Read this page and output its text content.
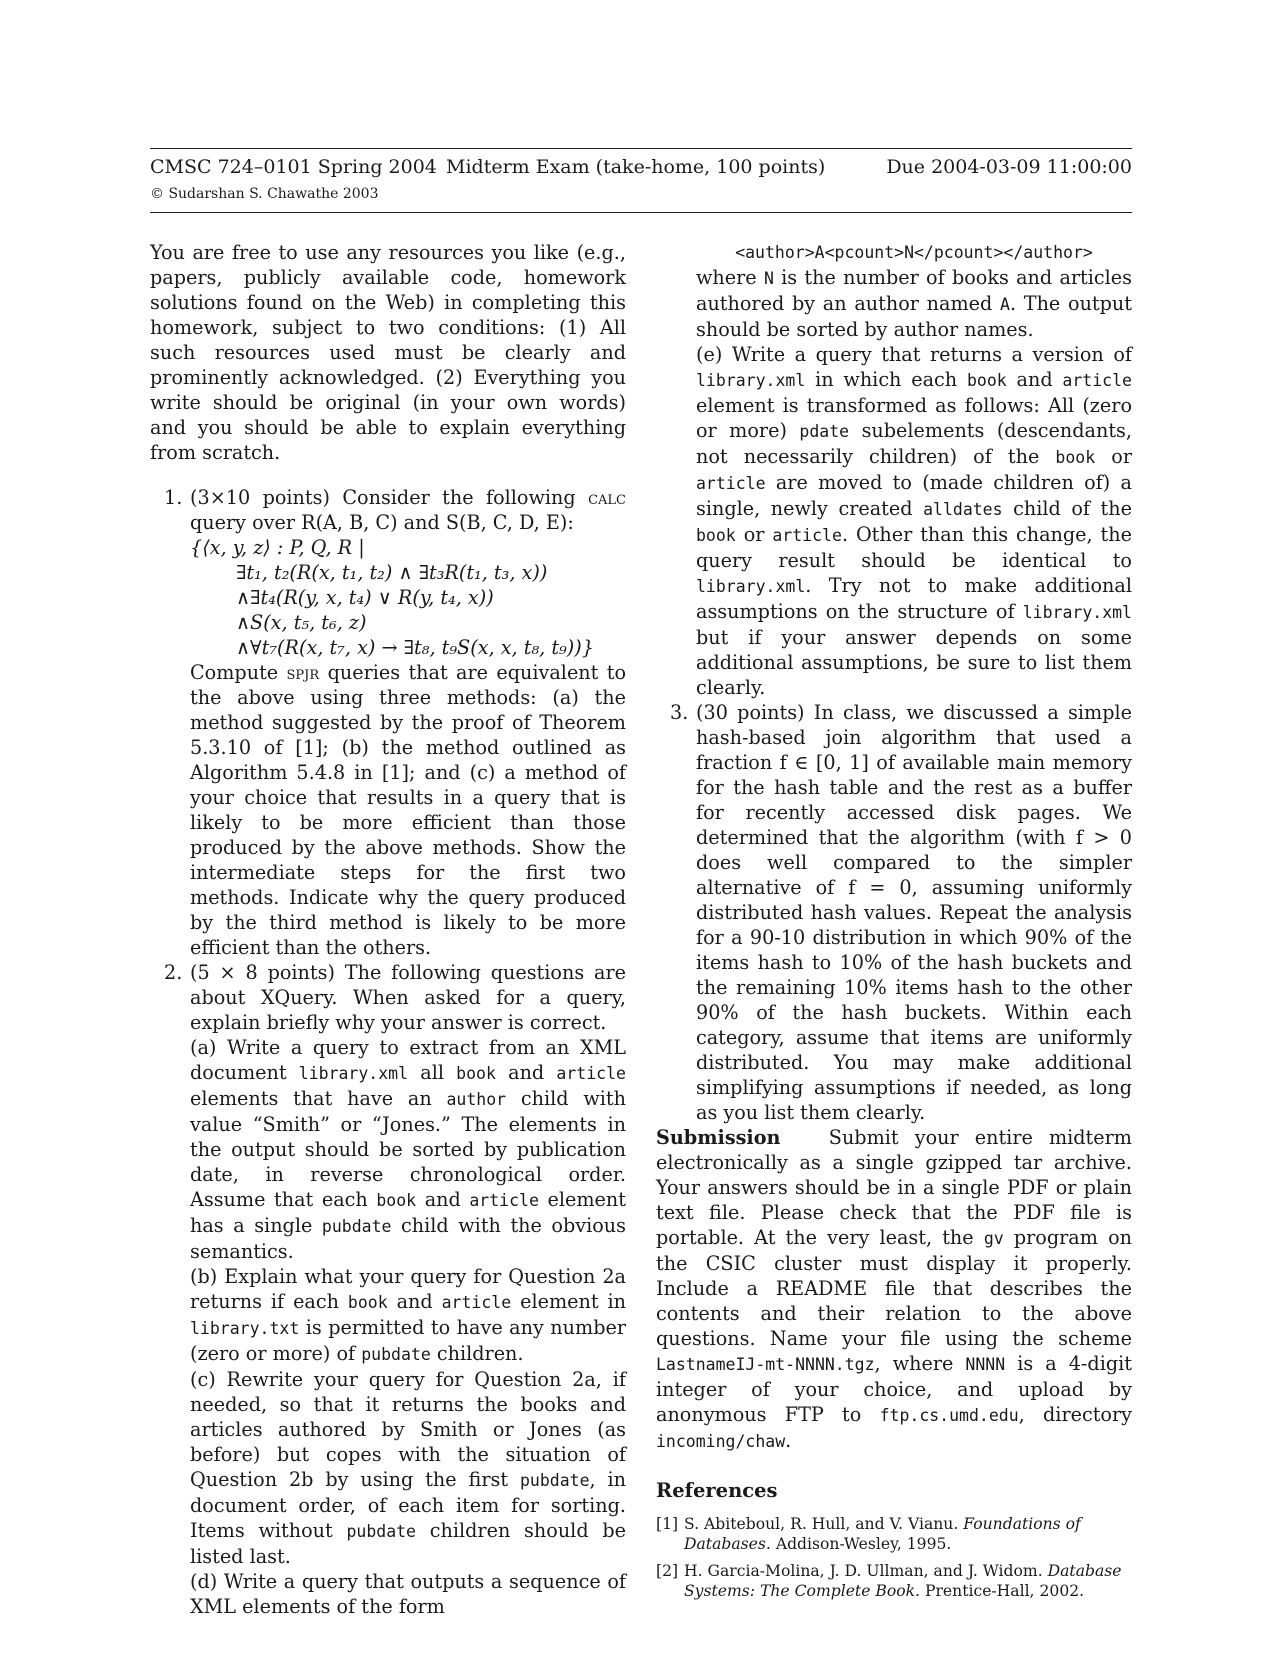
CMSC 724–0101 Spring 2004 Midterm Exam (take-home, 100 points)	Due 2004-03-09 11:00:00
© Sudarshan S. Chawathe 2003

You are free to use any resources you like (e.g., papers, publicly available code, homework solutions found on the Web) in completing this homework, subject to two conditions: (1) All such resources used must be clearly and prominently acknowledged. (2) Everything you write should be original (in your own words) and you should be able to explain everything from scratch.

1. (3×10 points) Consider the following calc query over R(A, B, C) and S(B, C, D, E):

{⟨x, y, z⟩ : P, Q, R |
∃t₁, t₂(R(x, t₁, t₂) ∧ ∃t₃R(t₁, t₃, x))
∧∃t₄(R(y, x, t₄) ∨ R(y, t₄, x))
∧S(x, t₅, t₆, z)
∧∀t₇(R(x, t₇, x) → ∃t₈, t₉S(x, x, t₈, t₉))}

Compute spjr queries that are equivalent to the above using three methods: (a) the method suggested by the proof of Theorem 5.3.10 of [1]; (b) the method outlined as Algorithm 5.4.8 in [1]; and (c) a method of your choice that results in a query that is likely to be more efficient than those produced by the above methods. Show the intermediate steps for the first two methods. Indicate why the query produced by the third method is likely to be more efficient than the others.

2. (5 × 8 points) The following questions are about XQuery. When asked for a query, explain briefly why your answer is correct.

(a) Write a query to extract from an XML document library.xml all book and article elements that have an author child with value “Smith” or “Jones.” The elements in the output should be sorted by publication date, in reverse chronological order. Assume that each book and article element has a single pubdate child with the obvious semantics.

(b) Explain what your query for Question 2a returns if each book and article element in library.txt is permitted to have any number (zero or more) of pubdate children.

(c) Rewrite your query for Question 2a, if needed, so that it returns the books and articles authored by Smith or Jones (as before) but copes with the situation of Question 2b by using the first pubdate, in document order, of each item for sorting. Items without pubdate children should be listed last.

(d) Write a query that outputs a sequence of XML elements of the form

<author>A<pcount>N</pcount></author>

where N is the number of books and articles authored by an author named A. The output should be sorted by author names.

(e) Write a query that returns a version of library.xml in which each book and article element is transformed as follows: All (zero or more) pdate subelements (descendants, not necessarily children) of the book or article are moved to (made children of) a single, newly created alldates child of the book or article. Other than this change, the query result should be identical to library.xml. Try not to make additional assumptions on the structure of library.xml but if your answer depends on some additional assumptions, be sure to list them clearly.

3. (30 points) In class, we discussed a simple hash-based join algorithm that used a fraction f ∈ [0, 1] of available main memory for the hash table and the rest as a buffer for recently accessed disk pages. We determined that the algorithm (with f > 0 does well compared to the simpler alternative of f = 0, assuming uniformly distributed hash values. Repeat the analysis for a 90-10 distribution in which 90% of the items hash to 10% of the hash buckets and the remaining 10% items hash to the other 90% of the hash buckets. Within each category, assume that items are uniformly distributed. You may make additional simplifying assumptions if needed, as long as you list them clearly.

Submission	Submit your entire midterm electronically as a single gzipped tar archive. Your answers should be in a single PDF or plain text file. Please check that the PDF file is portable. At the very least, the gv program on the CSIC cluster must display it properly. Include a README file that describes the contents and their relation to the above questions. Name your file using the scheme LastnameIJ-mt-NNNN.tgz, where NNNN is a 4-digit integer of your choice, and upload by anonymous FTP to ftp.cs.umd.edu, directory incoming/chaw.

References
[1] S. Abiteboul, R. Hull, and V. Vianu. Foundations of Databases. Addison-Wesley, 1995.
[2] H. Garcia-Molina, J. D. Ullman, and J. Widom. Database Systems: The Complete Book. Prentice-Hall, 2002.
